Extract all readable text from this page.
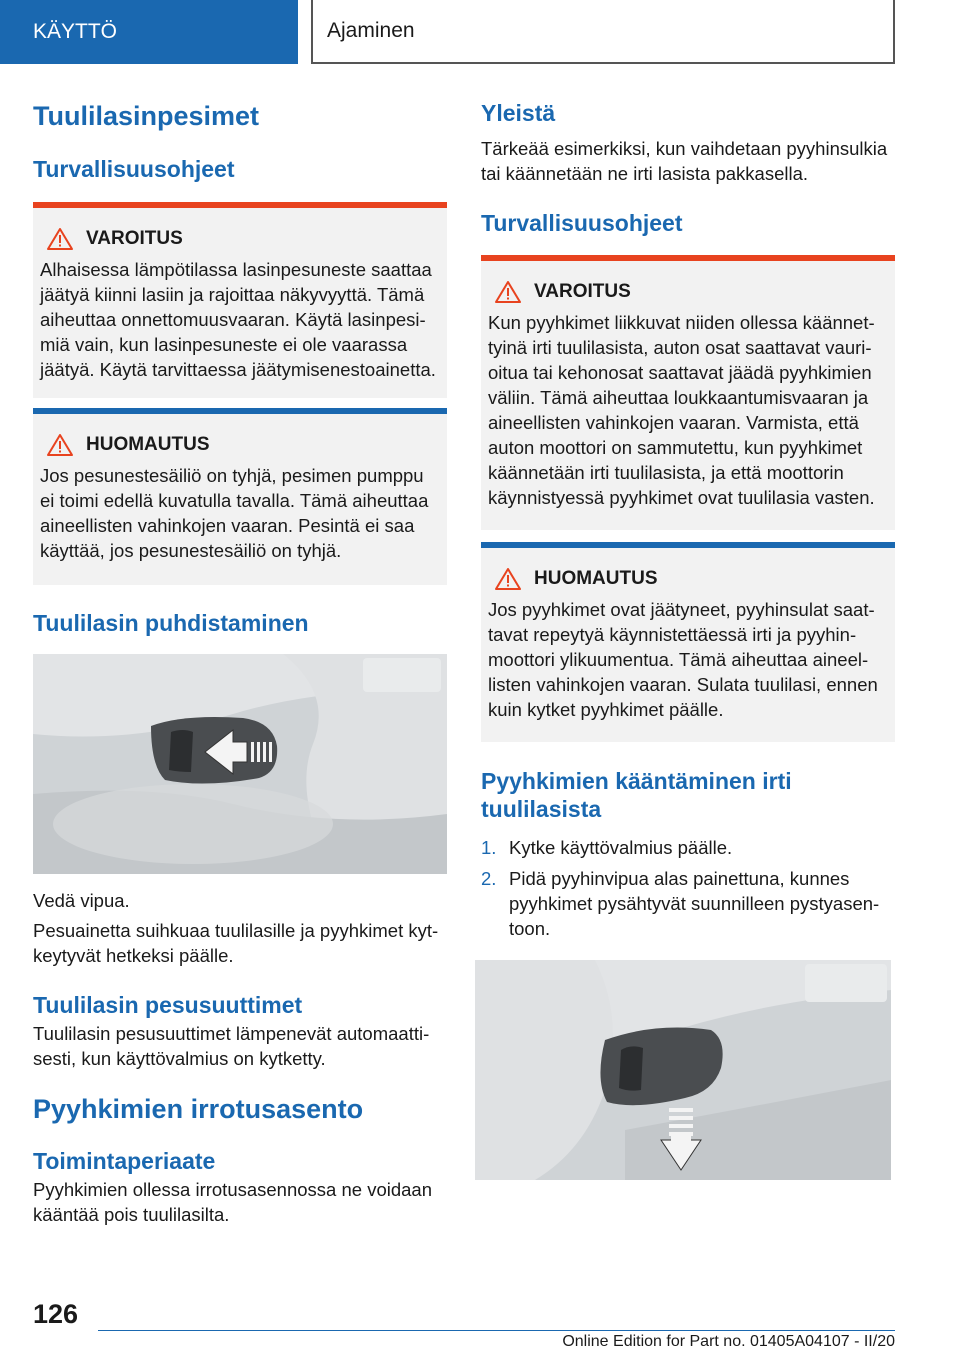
KÄYTTÖ	Ajaminen
Tuulilasinpesimet
Turvallisuusohjeet
VAROITUS

Alhaisessa lämpötilassa lasinpesuneste saattaa jäätyä kiinni lasiin ja rajoittaa näkyvyyttä. Tämä aiheuttaa onnettomuusvaaran. Käytä lasinpesimiä vain, kun lasinpesuneste ei ole vaarassa jäätyä. Käytä tarvittaessa jäätymisenestoainetta.

HUOMAUTUS

Jos pesunestesäiliö on tyhjä, pesimen pumppu ei toimi edellä kuvatulla tavalla. Tämä aiheuttaa aineellisten vahinkojen vaaran. Pesintä ei saa käyttää, jos pesunestesäiliö on tyhjä.

Tuulilasin puhdistaminen

Vedä vipua.

Pesuainetta suihkuaa tuulilasille ja pyyhkimet kytkeytyvät hetkeksi päälle.

Tuulilasin pesusuuttimet

Tuulilasin pesusuuttimet lämpenevät automaattisesti, kun käyttövalmius on kytketty.

Pyyhkimien irrotusasento
Toimintaperiaate

Pyyhkimien ollessa irrotusasennossa ne voidaan kääntää pois tuulilasilta.

Yleistä

Tärkeää esimerkiksi, kun vaihdetaan pyyhinsulkia tai käännetään ne irti lasista pakkasella.

Turvallisuusohjeet
VAROITUS

Kun pyyhkimet liikkuvat niiden ollessa käännettyinä irti tuulilasista, auton osat saattavat vaurioitua tai kehonosat saattavat jäädä pyyhkimien väliin. Tämä aiheuttaa loukkaantumisvaaran ja aineellisten vahinkojen vaaran. Varmista, että auton moottori on sammutettu, kun pyyhkimet käännetään irti tuulilasista, ja että moottorin käynnistyessä pyyhkimet ovat tuulilasia vasten.

HUOMAUTUS

Jos pyyhkimet ovat jäätyneet, pyyhinsulat saattavat repeytyä käynnistettäessä irti ja pyyhinmoottori ylikuumentua. Tämä aiheuttaa aineellisten vahinkojen vaaran. Sulata tuulilasi, ennen kuin kytket pyyhkimet päälle.

Pyyhkimien kääntäminen irti tuulilasista
1. Kytke käyttövalmius päälle.
2. Pidä pyyhinvipua alas painettuna, kunnes pyyhkimet pysähtyvät suunnilleen pystyasentoon.
126
Online Edition for Part no. 01405A04107 - II/20
